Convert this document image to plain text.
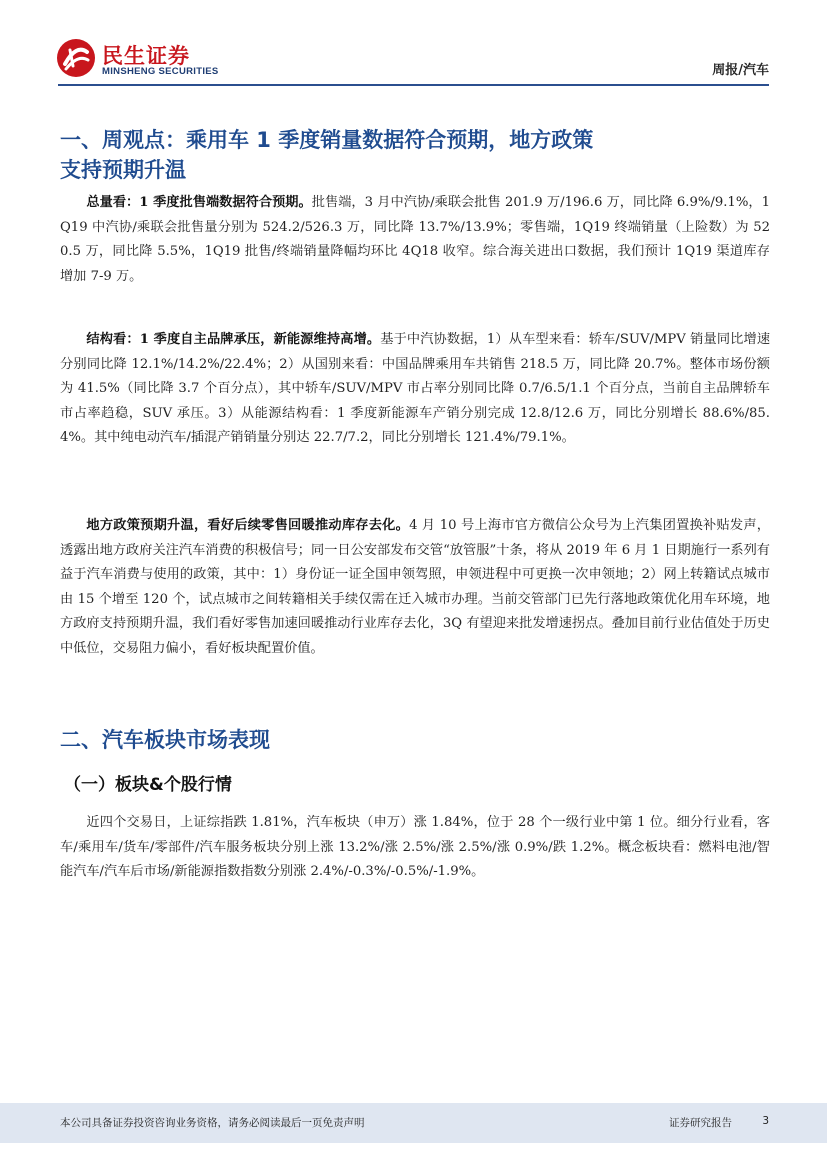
民生证券
MINSHENG SECURITIES	周报/汽车
一、周观点：乘用车 1 季度销量数据符合预期，地方政策
支持预期升温

总量看：1 季度批售端数据符合预期。批售端，3 月中汽协/乘联会批售 201.9 万/196.6 万，同比降 6.9%/9.1%，1Q19 中汽协/乘联会批售量分别为 524.2/526.3 万，同比降 13.7%/13.9%；零售端，1Q19 终端销量（上险数）为 520.5 万，同比降 5.5%，1Q19 批售/终端销量降幅均环比 4Q18 收窄。综合海关进出口数据，我们预计 1Q19 渠道库存增加 7-9 万。

结构看：1 季度自主品牌承压，新能源维持高增。基于中汽协数据，1）从车型来看：轿车/SUV/MPV 销量同比增速分别同比降 12.1%/14.2%/22.4%；2）从国别来看：中国品牌乘用车共销售 218.5 万，同比降 20.7%。整体市场份额为 41.5%（同比降 3.7 个百分点），其中轿车/SUV/MPV 市占率分别同比降 0.7/6.5/1.1 个百分点，当前自主品牌轿车市占率趋稳，SUV 承压。3）从能源结构看：1 季度新能源车产销分别完成 12.8/12.6 万，同比分别增长 88.6%/85.4%。其中纯电动汽车/插混产销销量分别达 22.7/7.2，同比分别增长 121.4%/79.1%。

地方政策预期升温，看好后续零售回暖推动库存去化。4 月 10 号上海市官方微信公众号为上汽集团置换补贴发声，透露出地方政府关注汽车消费的积极信号；同一日公安部发布交管“放管服”十条，将从 2019 年 6 月 1 日期施行一系列有益于汽车消费与使用的政策，其中：1）身份证一证全国申领驾照，申领进程中可更换一次申领地；2）网上转籍试点城市由 15 个增至 120 个，试点城市之间转籍相关手续仅需在迁入城市办理。当前交管部门已先行落地政策优化用车环境，地方政府支持预期升温，我们看好零售加速回暖推动行业库存去化，3Q 有望迎来批发增速拐点。叠加目前行业估值处于历史中低位，交易阻力偏小，看好板块配置价值。

二、汽车板块市场表现
（一）板块&个股行情

近四个交易日，上证综指跌 1.81%，汽车板块（申万）涨 1.84%，位于 28 个一级行业中第 1 位。细分行业看，客车/乘用车/货车/零部件/汽车服务板块分别上涨 13.2%/涨 2.5%/涨 2.5%/涨 0.9%/跌 1.2%。概念板块看：燃料电池/智能汽车/汽车后市场/新能源指数指数分别涨 2.4%/-0.3%/-0.5%/-1.9%。

本公司具备证券投资咨询业务资格，请务必阅读最后一页免责声明	证券研究报告	3
